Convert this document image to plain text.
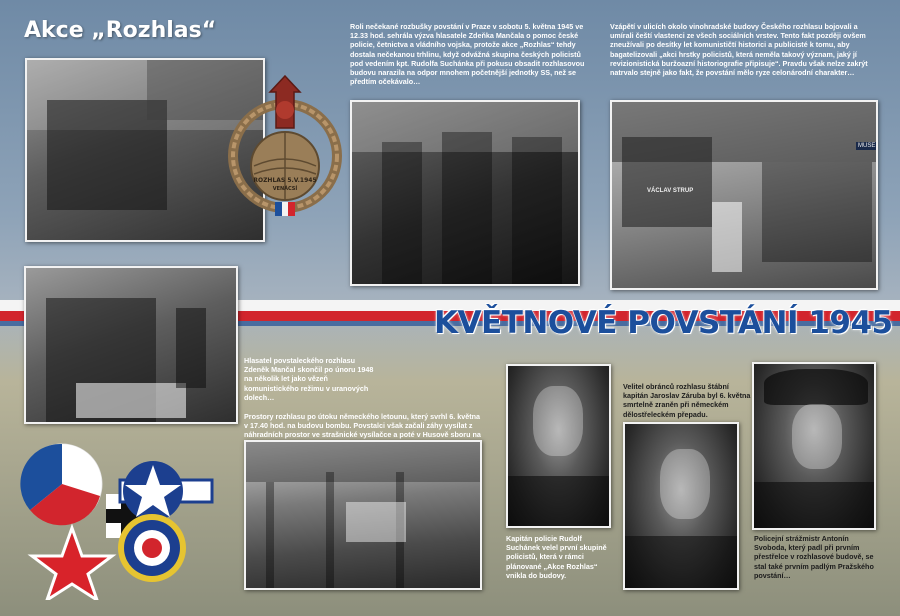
Akce „Rozhlas“
ROZHLAS 5.V.1945
VENÁCSÍ
Roli nečekané rozbušky povstání v Praze v sobotu 5. května 1945 ve 12.33 hod. sehrála výzva hlasatele Zdeňka Mančala o pomoc české policie, četnictva a vládního vojska, protože akce „Rozhlas“ tehdy dostala nečekanou trhlinu, když odvážná skupina českých policistů pod vedením kpt. Rudolfa Suchánka při pokusu obsadit rozhlasovou budovu narazila na odpor mnohem početnější jednotky SS, než se předtím očekávalo…
Vzápětí v ulicích okolo vinohradské budovy Českého rozhlasu bojovali a umírali čeští vlastenci ze všech sociálních vrstev. Tento fakt později ovšem zneužívali po desítky let komunističtí historici a publicisté k tomu, aby bagatelizovali „akci hrstky policistů, která neměla takový význam, jaký jí revizionistická buržoazní historiografie připisuje“. Pravdu však nelze zakrýt natrvalo stejně jako fakt, že povstání mělo ryze celonárodní charakter…
VÁCLAV STRUP
MUSE
KVĚTNOVÉ POVSTÁNÍ 1945
Hlasatel povstaleckého rozhlasu Zdeněk Mančal skončil po únoru 1948 na několik let jako vězeň komunistického režimu v uranových dolech…
Prostory rozhlasu po útoku německého letounu, který svrhl 6. května v 17.40 hod. na budovu bombu. Povstalci však začali záhy vysílat z náhradních prostor ve strašnické vysílačce a poté v Husově sboru na
Velitel obránců rozhlasu štábní kapitán Jaroslav Záruba byl 6. května smrtelně zraněn při německém dělostřeleckém přepadu.
Kapitán policie Rudolf Suchánek velel první skupině policistů, která v rámci plánované „Akce Rozhlas“ vnikla do budovy.
Policejní strážmistr Antonín Svoboda, který padl při prvním přestřelce v rozhlasové budově, se stal také prvním padlým Pražského povstání…
